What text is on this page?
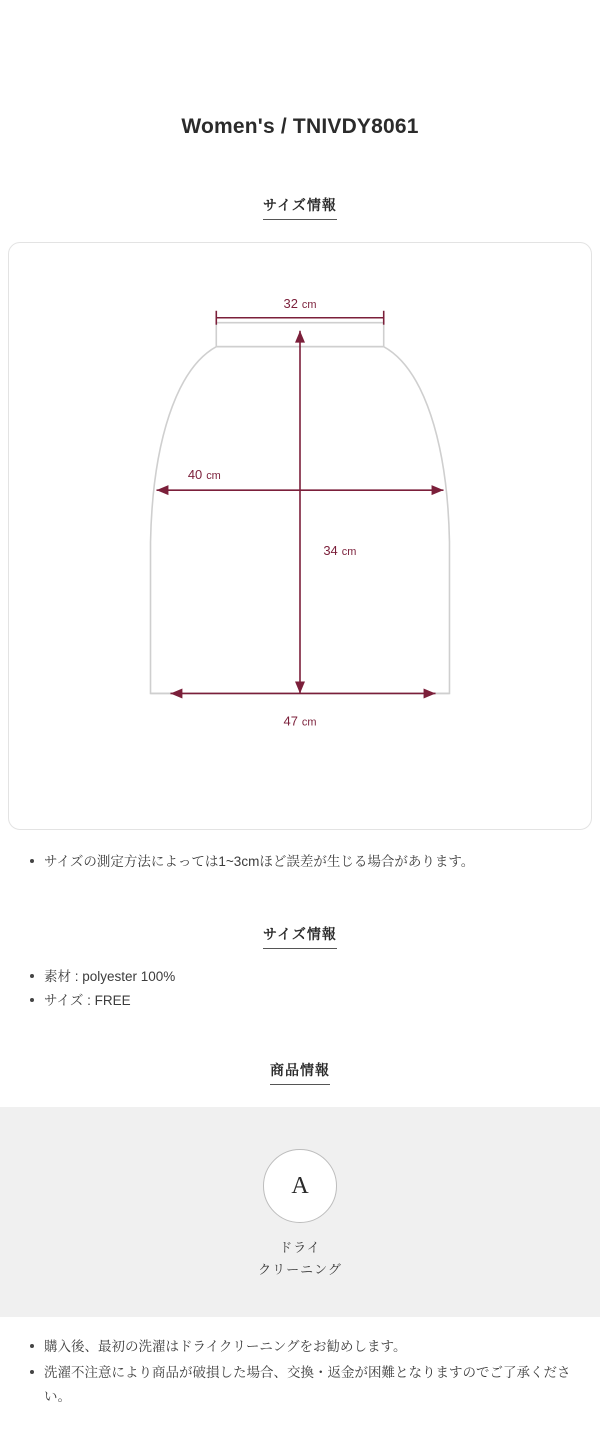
Women's / TNIVDY8061
サイズ情報
32 cm
40 cm
34 cm
47 cm
サイズの測定方法によっては1~3cmほど誤差が生じる場合があります。
サイズ情報
素材 : polyester 100%
サイズ : FREE
商品情報
A
ドライ
クリーニング
購入後、最初の洗濯はドライクリーニングをお勧めします。
洗濯不注意により商品が破損した場合、交換・返金が困難となりますのでご了承ください。
